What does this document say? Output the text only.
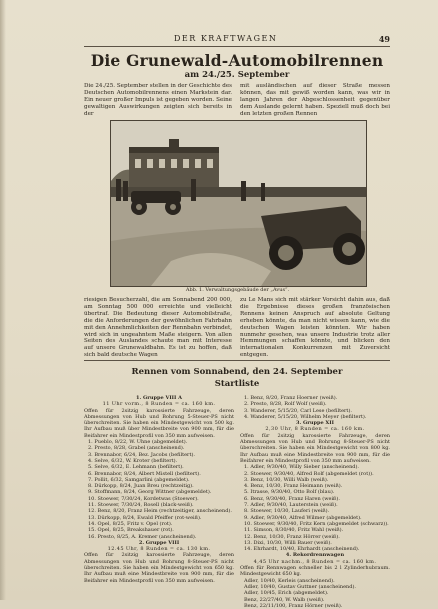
DER KRAFTWAGEN	49
Die Grunewald-Automobilrennen
am 24./25. September
Die 24./25. September stellen in der Geschichte des Deutschen Automobilrennens einen Markstein dar. Ein neuer großer Impuls ist gegeben worden. Seine gewaltigen Auswirkungen zeigten sich bereits in der
mit ausländischen auf dieser Straße messen können, das mit gewiß worden kann, was wir in langen Jahren der Abgeschlossenheit gegenüber dem Auslande gelernt haben. Speziell muß doch bei den letzten großen Rennen
Abb. 1. Verwaltungsgebäude der „Avus“.
riesigen Besucherzahl, die am Sonnabend 200 000, am Sonntag 500 000 erreichte und vielleicht übertraf. Die Bedeutung dieser Automobilstraße, die die Anforderungen der gewöhnlichen Fahrbahn mit den Annehmlichkeiten der Rennbahn verbindet, wird sich in ungeahntem Maße steigern. Von allen Seiten des Auslandes schaute man mit Interesse auf unsere Grunewaldbahn. Es ist zu hoffen, daß sich bald deutsche Wagen
zu Le Mans sich mit stärker Vorsicht dahin aus, daß die Ergebnisse dieses großen französischen Rennens keinen Anspruch auf absolute Geltung erheben könnte, da man nicht wissen kann, wie die deutschen Wagen leisten könnten. Wir haben nunmehr gesehen, was unsere Industrie trotz aller Hemmungen schaffen könnte, und blicken den internationalen Konkurrenzen mit Zuversicht entgegen.
Rennen vom Sonnabend, den 24. September
Startliste
1. Gruppe VIII A
11 Uhr vorm., 8 Runden = ca. 160 km.
Offen für 2sitzig karossierte Fahrzeuge, deren Abmessungen von Hub und Bohrung 5-Steuer-PS nicht überschreiten. Sie haben ein Mindestgewicht von 500 kg. Ihr Aufbau muß über Mindestbreite von 900 mm, für die Beifahrer ein Mindestprofil von 350 mm aufweisen.
1. Pueblo, 8/22, W. Uhne (abgemeldet).
2. Presto, 8/28, Grabel (anscheinend).
3. Brennabor, 6/24, Bez. Jacobs (befiltert).
4. Selve, 6/32, W. Kroter (befiltert).
5. Selve, 6/32, E. Lehmann (befiltert).
6. Brennabor, 8/24, Albert Mistell (befiltert).
7. Pollit, 6/32, Samgarlini (abgemeldet).
8. Dürkopp, 8/24, Juan Breu (rechtzeitig).
9. Stoffmann, 8/24, Georg Wittner (abgemeldet).
10. Stoewer, 7/30/24, Kordetwas (Stoewer).
11. Stoewer, 7/30/24, Rosell (black-weiß).
12. Benz, 8/20, Franz Heim (rechtzeitiger, anscheinend).
13. Dürkopp, 8/24, Ewald Pfeiffer (rot-weiß).
14. Opel, 8/25, Fritz v. Opel (rot).
15. Opel, 8/25, Breakshauer (rot).
16. Presto, 8/25, A. Kremer (anscheinend).
2. Gruppe VIII
12.45 Uhr, 8 Runden = ca. 130 km.
Offen für 2sitzig karossierte Fahrzeuge, deren Abmessungen von Hub und Bohrung 8-Steuer-PS nicht überschreiten. Sie haben ein Mindestgewicht von 650 kg. Ihr Aufbau muß eine Mindestbreite von 900 mm, für die Beifahrer ein Mindestprofil von 350 mm aufweisen.
1. Benz, 8/20, Franz Hoerner (weiß).
2. Presto, 8/28, Rolf Wolf (weiß).
3. Wanderer, 5/15/20, Carl Lese (befiltert).
4. Wanderer, 5/15/20, Wilhelm Meyer (befiltert).
3. Gruppe XII
2,30 Uhr, 8 Runden = ca. 160 km.
Offen für 2sitzig karossierte Fahrzeuge, deren Abmessungen von Hub und Bohrung 8-Steuer-PS nicht überschreiten. Sie haben ein Mindestgewicht von 800 kg. Ihr Aufbau muß eine Mindestbreite von 900 mm, für die Beifahrer ein Mindestprofil von 350 mm aufweisen.
1. Adler, 9/30/40, Willy Sieber (anscheinend).
2. Stoewer, 9/30/40, Alfred Rolf (abgemeldet (rot)).
3. Benz, 10/30, Willi Walb (weiß).
4. Benz, 10/30, Franz Heimann (weiß).
5. Itrasse, 9/30/40, Otto Bolf (blau).
6. Benz, 9/30/40, Franz Haren (weiß).
7. Adler, 9/30/40, Lauterstein (weiß).
8. Stoewer, 10/30, Lauferi (weiß).
9. Adler, 9/30/40, Alfred Wilmer (abgemeldet).
10. Stoewer, 9/30/40, Fritz Kern (abgemeldet (schwarz)).
11. Simson, 8/30/40, Fritz Wahl (weiß).
12. Benz, 10/30, Franz Hörrer (weiß).
13. Dixi, 10/30, Willi Bauer (weiß).
14. Ehrhardt, 10/40, Ehrhardt (anscheinend).
4. Rekordrennwagen
4,45 Uhr nachm., 8 Runden = ca. 160 km.
Offen für Rennwagen schneller bis 2 l Zylinderhubraum. Mindestgewicht 650 kg.
Adler, 10/40, Kerleis (anscheinend).
Adler, 10/40, Gustav Guttner (anscheinend).
Adler, 10/45, Erich (abgemeldet).
Benz, 22/27/40, W. Walb (weiß).
Benz, 22/11/100, Franz Hörner (weiß).
